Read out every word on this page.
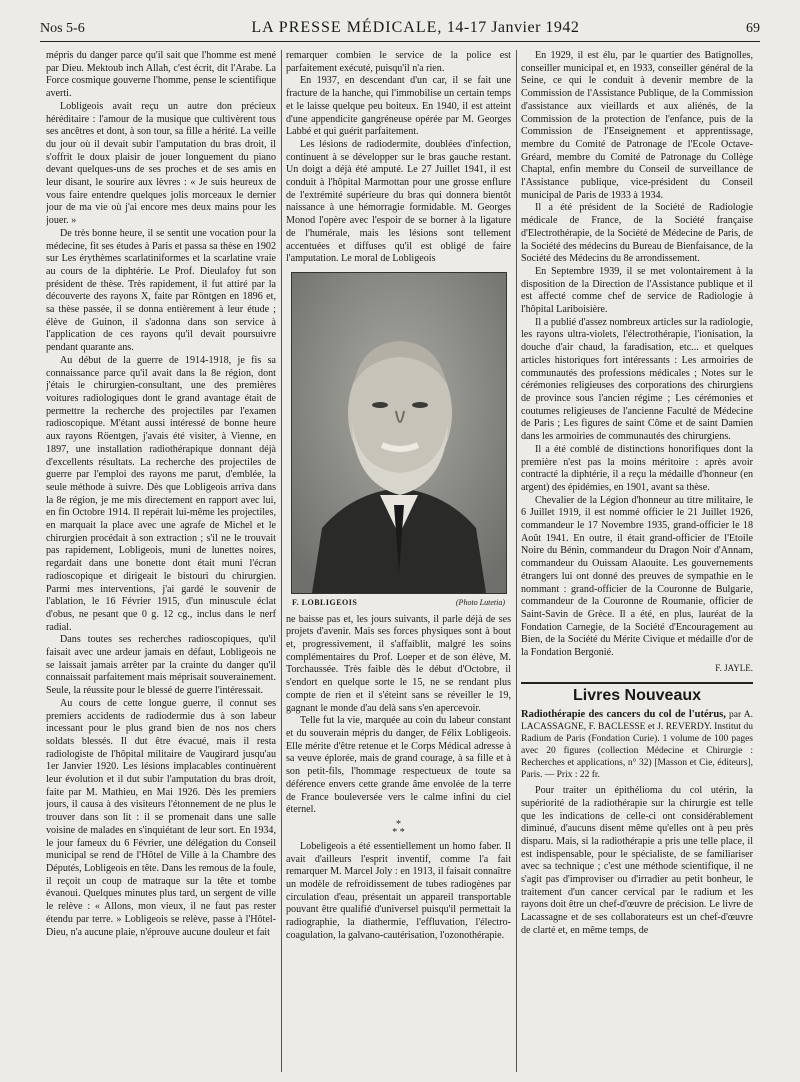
Nos 5-6	LA PRESSE MÉDICALE, 14-17 Janvier 1942	69

mépris du danger parce qu'il sait que l'homme est mené par Dieu. Mektoub inch Allah, c'est écrit, dit l'Arabe. La Force cosmique gouverne l'homme, pense le scientifique averti.

Lobligeois avait reçu un autre don précieux héréditaire : l'amour de la musique que cultivèrent tous ses ancêtres et dont, à son tour, sa fille a hérité. La veille du jour où il devait subir l'amputation du bras droit, il s'offrit le doux plaisir de jouer longuement du piano devant quelques-uns de ses proches et de ses amis en leur disant, le sourire aux lèvres : « Je suis heureux de vous faire entendre quelques jolis morceaux le dernier jour de ma vie où j'ai encore mes deux mains pour les jouer. »

De très bonne heure, il se sentit une vocation pour la médecine, fit ses études à Paris et passa sa thèse en 1902 sur Les érythèmes scarlatiniformes et la scarlatine vraie au cours de la diphtérie. Le Prof. Dieulafoy fut son président de thèse. Très rapidement, il fut attiré par la découverte des rayons X, faite par Röntgen en 1896 et, sa thèse passée, il se donna entièrement à leur étude ; élève de Guinon, il s'adonna dans son service à l'application de ces rayons qu'il devait poursuivre pendant quarante ans.

Au début de la guerre de 1914-1918, je fis sa connaissance parce qu'il avait dans la 8e région, dont j'étais le chirurgien-consultant, une des premières voitures radiologiques dont le grand avantage était de permettre la recherche des projectiles par l'examen radioscopique. M'étant aussi intéressé de bonne heure aux rayons Röentgen, j'avais été visiter, à Vienne, en 1897, une installation radiothérapique donnant déjà d'excellents résultats. La recherche des projectiles de guerre par l'emploi des rayons me parut, d'emblée, la seule méthode à suivre. Dès que Lobligeois arriva dans la 8e région, je me mis directement en rapport avec lui, en fin Octobre 1914. Il repérait lui-même les projectiles, en marquait la place avec une agrafe de Michel et le chirurgien procédait à son extraction ; s'il ne le trouvait pas rapidement, Lobligeois, muni de lunettes noires, regardait dans une bonette dont était muni l'écran radioscopique et dirigeait le bistouri du chirurgien. Parmi mes interventions, j'ai gardé le souvenir de l'ablation, le 16 Février 1915, d'un minuscule éclat d'obus, ne pesant que 0 g. 12 cg., inclus dans le nerf radial.

Dans toutes ses recherches radioscopiques, qu'il faisait avec une ardeur jamais en défaut, Lobligeois ne se laissait jamais arrêter par la crainte du danger qu'il connaissait parfaitement mais méprisait souverainement. Seule, la réussite pour le blessé de guerre l'intéressait.

Au cours de cette longue guerre, il connut ses premiers accidents de radiodermie dus à son labeur incessant pour le plus grand bien de nos nos chers soldats blessés. Il dut être évacué, mais il resta radiologiste de l'hôpital militaire de Vaugirard jusqu'au 1er Janvier 1920. Les lésions implacables continuèrent leur évolution et il dut subir l'amputation du bras droit, faite par M. Mathieu, en Mai 1926. Dès les premiers jours, il causa à des visiteurs l'étonnement de ne plus le trouver dans son lit : il se promenait dans une salle voisine de malades en s'inquiétant de leur sort. En 1934, le jour fameux du 6 Février, une délégation du Conseil municipal se rend de l'Hôtel de Ville à la Chambre des Députés, Lobligeois en tête. Dans les remous de la foule, il reçoit un coup de matraque sur la tête et tombe évanoui. Quelques minutes plus tard, un sergent de ville le relève : « Allons, mon vieux, il ne faut pas rester étendu par terre. » Lobligeois se relève, passe à l'Hôtel-Dieu, n'a aucune plaie, n'éprouve aucune douleur et fait

remarquer combien le service de la police est parfaitement exécuté, puisqu'il n'a rien.

En 1937, en descendant d'un car, il se fait une fracture de la hanche, qui l'immobilise un certain temps et le laisse quelque peu boiteux. En 1940, il est atteint d'une appendicite gangréneuse opérée par M. Georges Labbé et qui guérit parfaitement.

Les lésions de radiodermite, doublées d'infection, continuent à se développer sur le bras gauche restant. Un doigt a déjà été amputé. Le 27 Juillet 1941, il est conduit à l'hôpital Marmottan pour une grosse enflure de l'extrémité supérieure du bras qui donnera bientôt naissance à une hémorragie formidable. M. Georges Monod l'opère avec l'espoir de se borner à la ligature de l'humérale, mais les lésions sont tellement accentuées et diffuses qu'il est obligé de faire l'amputation. Le moral de Lobligeois

F. LOBLIGEOIS	(Photo Lutetia)

ne baisse pas et, les jours suivants, il parle déjà de ses projets d'avenir. Mais ses forces physiques sont à bout et, progressivement, il s'affaiblit, malgré les soins complémentaires du Prof. Loeper et de son élève, M. Torchaussée. Très faible dès le début d'Octobre, il s'endort en quelque sorte le 15, ne se rendant plus compte de rien et il s'éteint sans se réveiller le 19, gagnant le monde d'au delà sans s'en apercevoir.

Telle fut la vie, marquée au coin du labeur constant et du souverain mépris du danger, de Félix Lobligeois. Elle mérite d'être retenue et le Corps Médical adresse à sa veuve éplorée, mais de grand courage, à sa fille et à son petit-fils, l'hommage respectueux de toute sa déférence envers cette grande âme envolée de la terre de France bouleversée vers le calme infini du ciel éternel.

*
* *

Lobeligeois a été essentiellement un homo faber. Il avait d'ailleurs l'esprit inventif, comme l'a fait remarquer M. Marcel Joly : en 1913, il faisait connaître un modèle de refroidissement de tubes radiogènes par circulation d'eau, présentait un appareil transportable pouvant être qualifié d'universel puisqu'il permettait la radiographie, la diathermie, l'effluvation, l'électro-coagulation, la galvano-cautérisation, l'ozonothérapie.

En 1929, il est élu, par le quartier des Batignolles, conseiller municipal et, en 1933, conseiller général de la Seine, ce qui le conduit à devenir membre de la Commission de l'Assistance Publique, de la Commission d'assistance aux vieillards et aux aliénés, de la Commission de la protection de l'enfance, puis de la Commission de l'Enseignement et apprentissage, membre du Comité de Patronage de l'Ecole Octave-Gréard, membre du Comité de Patronage du Collège Chaptal, enfin membre du Conseil de surveillance de l'Assistance publique, vice-président du Conseil municipal de Paris de 1933 à 1934.

Il a été président de la Société de Radiologie médicale de France, de la Société française d'Electrothérapie, de la Société de Médecine de Paris, de la Société des médecins du Bureau de Bienfaisance, de la Société des Médecins du 8e arrondissement.

En Septembre 1939, il se met volontairement à la disposition de la Direction de l'Assistance publique et il est affecté comme chef de service de Radiologie à l'hôpital Lariboisière.

Il a publié d'assez nombreux articles sur la radiologie, les rayons ultra-violets, l'électrothérapie, l'ionisation, la douche d'air chaud, la faradisation, etc... et quelques articles historiques fort intéressants : Les armoiries de communautés des professions médicales ; Notes sur le cérémonies religieuses des corporations des chirurgiens de province sous l'ancien régime ; Les cérémonies et coutumes religieuses de l'ancienne Faculté de Médecine de Paris ; Les figures de saint Côme et de saint Damien dans les armoiries de communautés des chirurgiens.

Il a été comblé de distinctions honorifiques dont la première n'est pas la moins méritoire : après avoir contracté la diphtérie, il a reçu la médaille d'honneur (en argent) des épidémies, en 1901, avant sa thèse.

Chevalier de la Légion d'honneur au titre militaire, le 6 Juillet 1919, il est nommé officier le 21 Juillet 1926, commandeur le 17 Novembre 1935, grand-officier le 18 Août 1941. En outre, il était grand-officier de l'Etoile Noire du Bénin, commandeur du Dragon Noir d'Annam, commandeur du Ouissam Alaouite. Les gouvernements étrangers lui ont donné des preuves de sympathie en le nommant : grand-officier de la Couronne de Bulgarie, commandeur de la Couronne de Roumanie, officier de Saint-Savin de Grèce. Il a été, en plus, lauréat de la Fondation Carnegie, de la Société d'Encouragement au Bien, de la Société du Mérite Civique et médaille d'or de la Fondation Bergonié.

F. JAYLE.
Livres Nouveaux
Radiothérapie des cancers du col de l'utérus, par A. LACASSAGNE, F. BACLESSE et J. REVERDY. Institut du Radium de Paris (Fondation Curie). 1 volume de 100 pages avec 20 figures (collection Médecine et Chirurgie : Recherches et applications, n° 32) [Masson et Cie, éditeurs], Paris. — Prix : 22 fr.

Pour traiter un épithélioma du col utérin, la supériorité de la radiothérapie sur la chirurgie est telle que les indications de celle-ci ont considérablement diminué, d'aucuns disent même qu'elles ont à peu près disparu. Mais, si la radiothérapie a pris une telle place, il est indispensable, pour le spécialiste, de se familiariser avec sa technique ; c'est une méthode scientifique, il ne s'agit pas d'improviser ou d'irradier au petit bonheur, le traitement d'un cancer cervical par le radium et les rayons doit être un chef-d'œuvre de précision. Le livre de Lacassagne et de ses collaborateurs est un chef-d'œuvre de clarté et, en même temps, de
